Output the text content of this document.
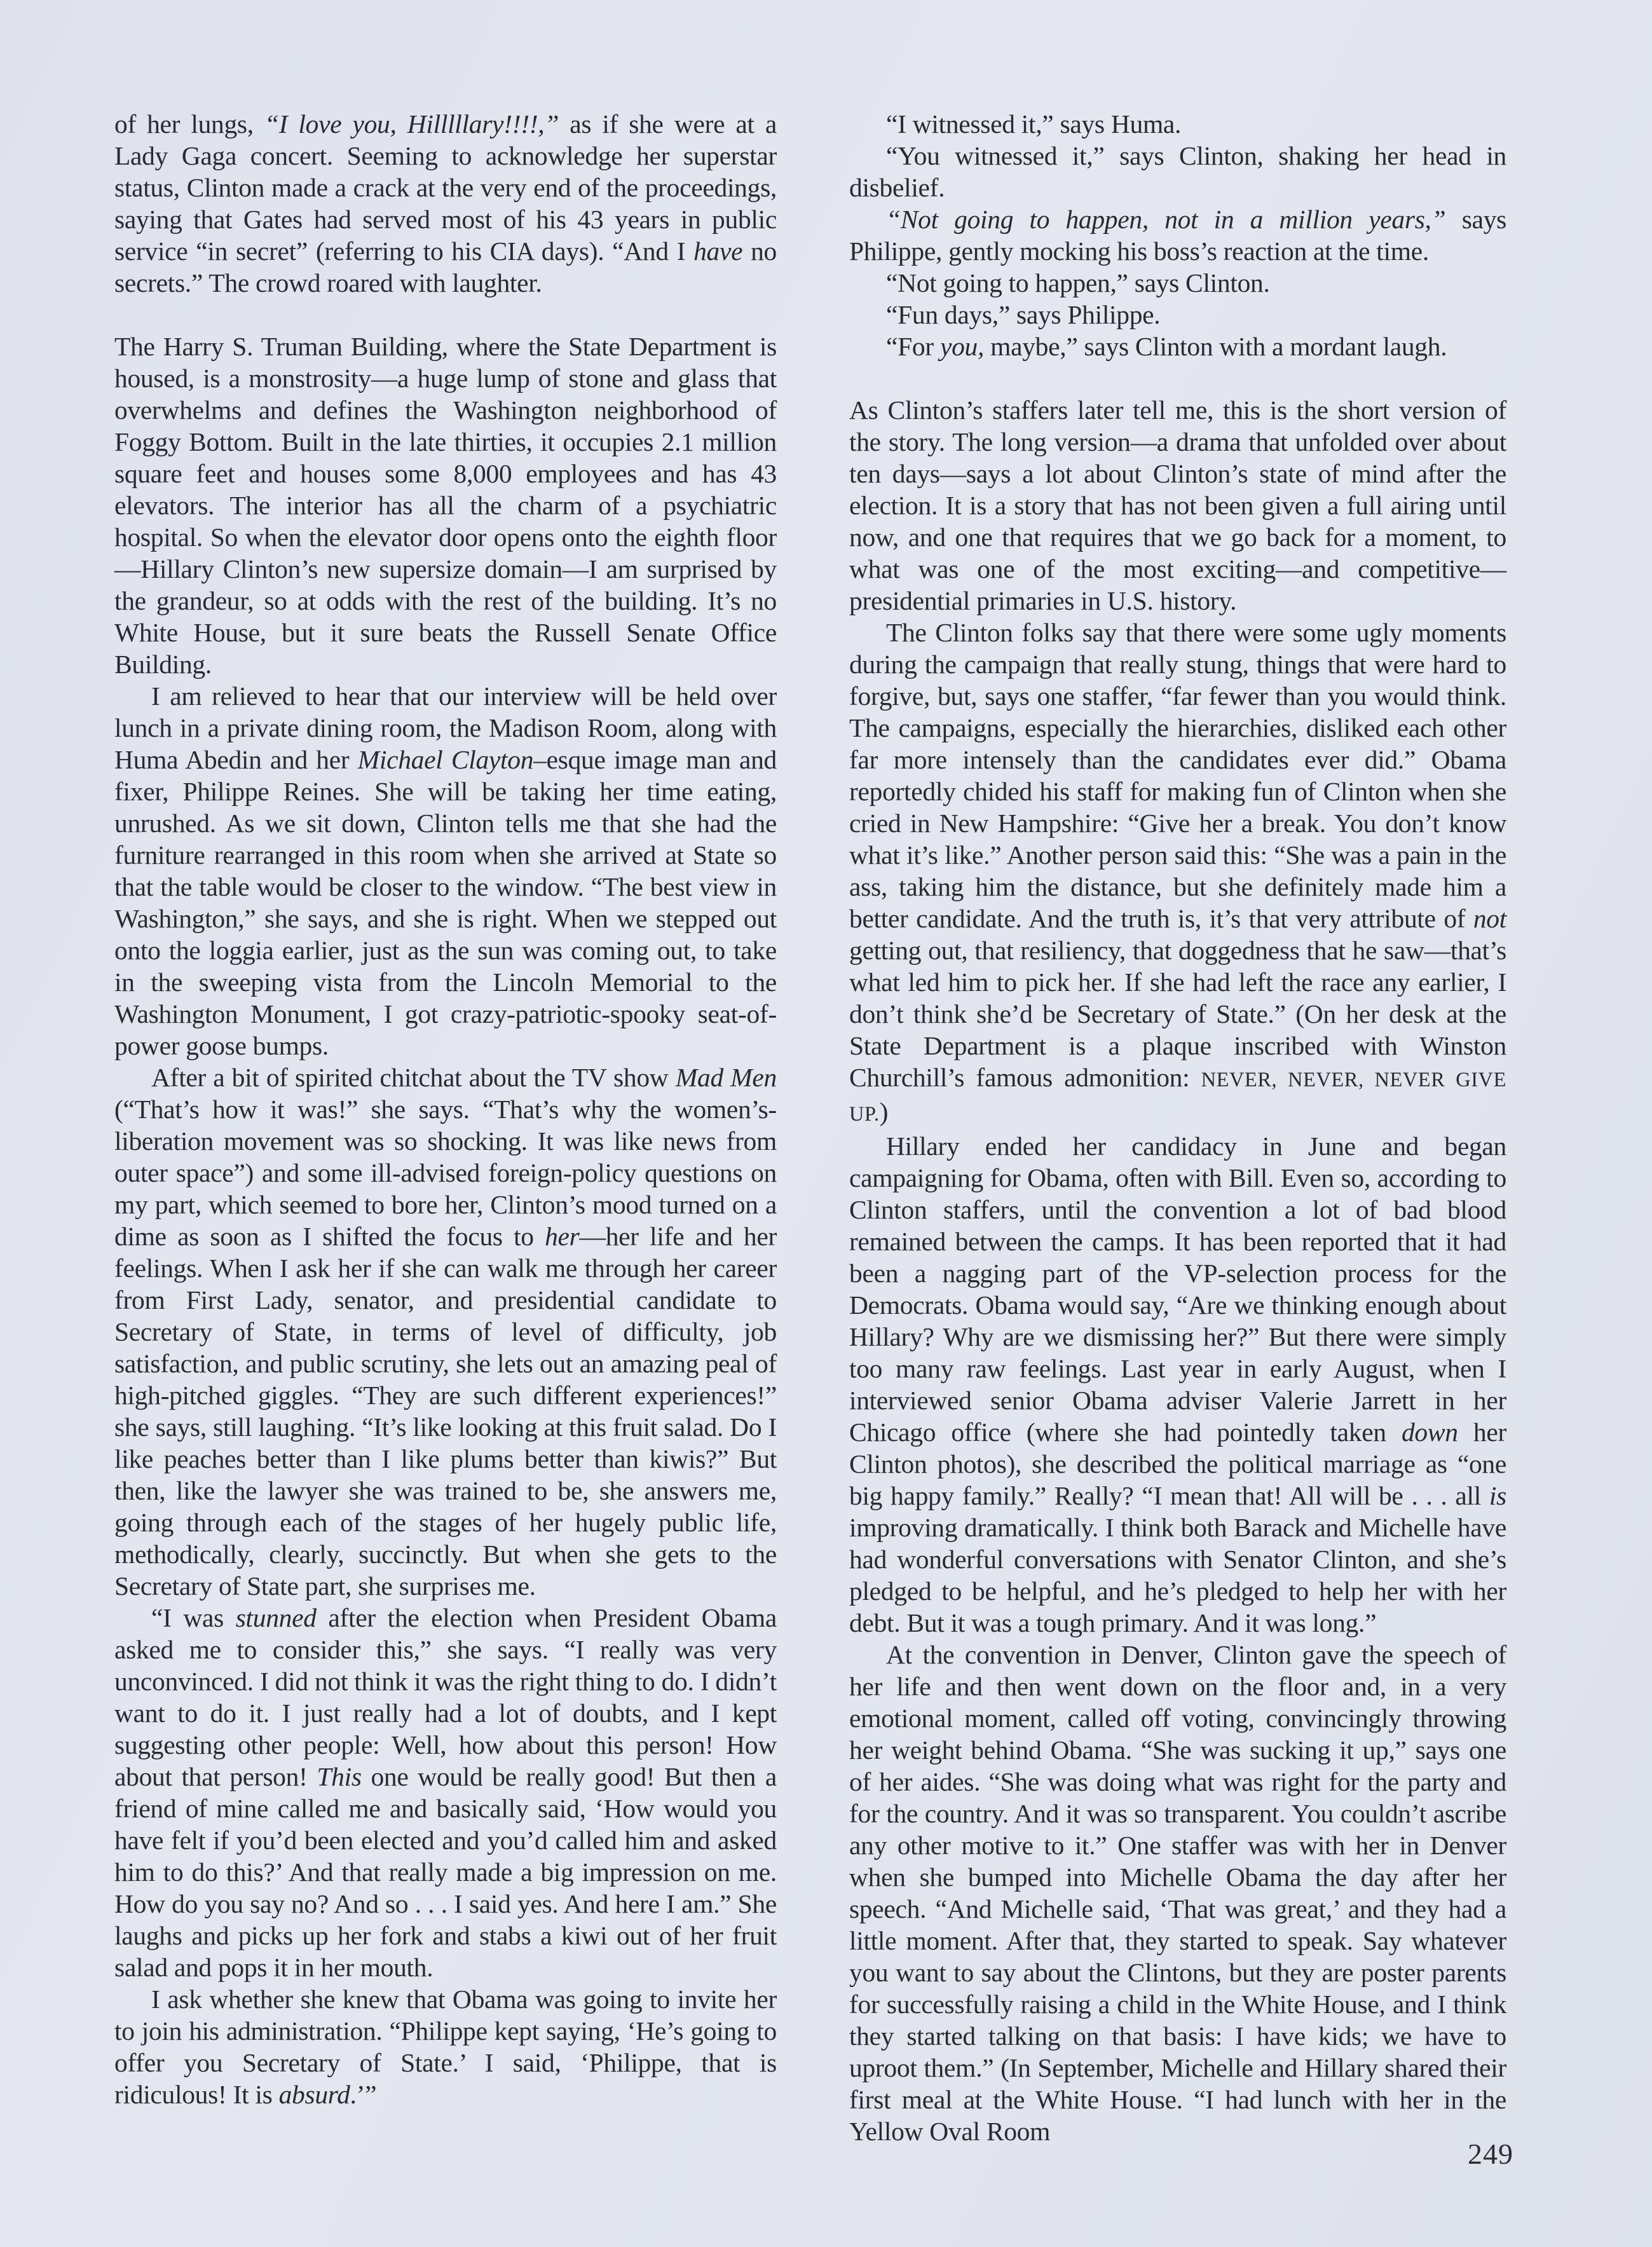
of her lungs, “I love you, Hilllllary!!!!,” as if she were at a Lady Gaga concert. Seeming to acknowledge her superstar status, Clinton made a crack at the very end of the proceedings, saying that Gates had served most of his 43 years in public service “in secret” (referring to his CIA days). “And I have no secrets.” The crowd roared with laughter.

The Harry S. Truman Building, where the State Department is housed, is a monstrosity—a huge lump of stone and glass that overwhelms and defines the Washington neighborhood of Foggy Bottom. Built in the late thirties, it occupies 2.1 million square feet and houses some 8,000 employees and has 43 elevators. The interior has all the charm of a psychiatric hospital. So when the elevator door opens onto the eighth floor—Hillary Clinton’s new supersize domain—I am surprised by the grandeur, so at odds with the rest of the building. It’s no White House, but it sure beats the Russell Senate Office Building.

I am relieved to hear that our interview will be held over lunch in a private dining room, the Madison Room, along with Huma Abedin and her Michael Clayton–esque image man and fixer, Philippe Reines. She will be taking her time eating, unrushed. As we sit down, Clinton tells me that she had the furniture rearranged in this room when she arrived at State so that the table would be closer to the window. “The best view in Washington,” she says, and she is right. When we stepped out onto the loggia earlier, just as the sun was coming out, to take in the sweeping vista from the Lincoln Memorial to the Washington Monument, I got crazy-patriotic-spooky seat-of-power goose bumps.

After a bit of spirited chitchat about the TV show Mad Men (“That’s how it was!” she says. “That’s why the women’s-liberation movement was so shocking. It was like news from outer space”) and some ill-advised foreign-policy questions on my part, which seemed to bore her, Clinton’s mood turned on a dime as soon as I shifted the focus to her—her life and her feelings. When I ask her if she can walk me through her career from First Lady, senator, and presidential candidate to Secretary of State, in terms of level of difficulty, job satisfaction, and public scrutiny, she lets out an amazing peal of high-pitched giggles. “They are such different experiences!” she says, still laughing. “It’s like looking at this fruit salad. Do I like peaches better than I like plums better than kiwis?” But then, like the lawyer she was trained to be, she answers me, going through each of the stages of her hugely public life, methodically, clearly, succinctly. But when she gets to the Secretary of State part, she surprises me.

“I was stunned after the election when President Obama asked me to consider this,” she says. “I really was very unconvinced. I did not think it was the right thing to do. I didn’t want to do it. I just really had a lot of doubts, and I kept suggesting other people: Well, how about this person! How about that person! This one would be really good! But then a friend of mine called me and basically said, ‘How would you have felt if you’d been elected and you’d called him and asked him to do this?’ And that really made a big impression on me. How do you say no? And so . . . I said yes. And here I am.” She laughs and picks up her fork and stabs a kiwi out of her fruit salad and pops it in her mouth.

I ask whether she knew that Obama was going to invite her to join his administration. “Philippe kept saying, ‘He’s going to offer you Secretary of State.’ I said, ‘Philippe, that is ridiculous! It is absurd.’”

“I witnessed it,” says Huma.

“You witnessed it,” says Clinton, shaking her head in disbelief.

“Not going to happen, not in a million years,” says Philippe, gently mocking his boss’s reaction at the time.

“Not going to happen,” says Clinton.

“Fun days,” says Philippe.

“For you, maybe,” says Clinton with a mordant laugh.

As Clinton’s staffers later tell me, this is the short version of the story. The long version—a drama that unfolded over about ten days—says a lot about Clinton’s state of mind after the election. It is a story that has not been given a full airing until now, and one that requires that we go back for a moment, to what was one of the most exciting—and competitive—presidential primaries in U.S. history.

The Clinton folks say that there were some ugly moments during the campaign that really stung, things that were hard to forgive, but, says one staffer, “far fewer than you would think. The campaigns, especially the hierarchies, disliked each other far more intensely than the candidates ever did.” Obama reportedly chided his staff for making fun of Clinton when she cried in New Hampshire: “Give her a break. You don’t know what it’s like.” Another person said this: “She was a pain in the ass, taking him the distance, but she definitely made him a better candidate. And the truth is, it’s that very attribute of not getting out, that resiliency, that doggedness that he saw—that’s what led him to pick her. If she had left the race any earlier, I don’t think she’d be Secretary of State.” (On her desk at the State Department is a plaque inscribed with Winston Churchill’s famous admonition: NEVER, NEVER, NEVER GIVE UP.)

Hillary ended her candidacy in June and began campaigning for Obama, often with Bill. Even so, according to Clinton staffers, until the convention a lot of bad blood remained between the camps. It has been reported that it had been a nagging part of the VP-selection process for the Democrats. Obama would say, “Are we thinking enough about Hillary? Why are we dismissing her?” But there were simply too many raw feelings. Last year in early August, when I interviewed senior Obama adviser Valerie Jarrett in her Chicago office (where she had pointedly taken down her Clinton photos), she described the political marriage as “one big happy family.” Really? “I mean that! All will be . . . all is improving dramatically. I think both Barack and Michelle have had wonderful conversations with Senator Clinton, and she’s pledged to be helpful, and he’s pledged to help her with her debt. But it was a tough primary. And it was long.”

At the convention in Denver, Clinton gave the speech of her life and then went down on the floor and, in a very emotional moment, called off voting, convincingly throwing her weight behind Obama. “She was sucking it up,” says one of her aides. “She was doing what was right for the party and for the country. And it was so transparent. You couldn’t ascribe any other motive to it.” One staffer was with her in Denver when she bumped into Michelle Obama the day after her speech. “And Michelle said, ‘That was great,’ and they had a little moment. After that, they started to speak. Say whatever you want to say about the Clintons, but they are poster parents for successfully raising a child in the White House, and I think they started talking on that basis: I have kids; we have to uproot them.” (In September, Michelle and Hillary shared their first meal at the White House. “I had lunch with her in the Yellow Oval Room

249
